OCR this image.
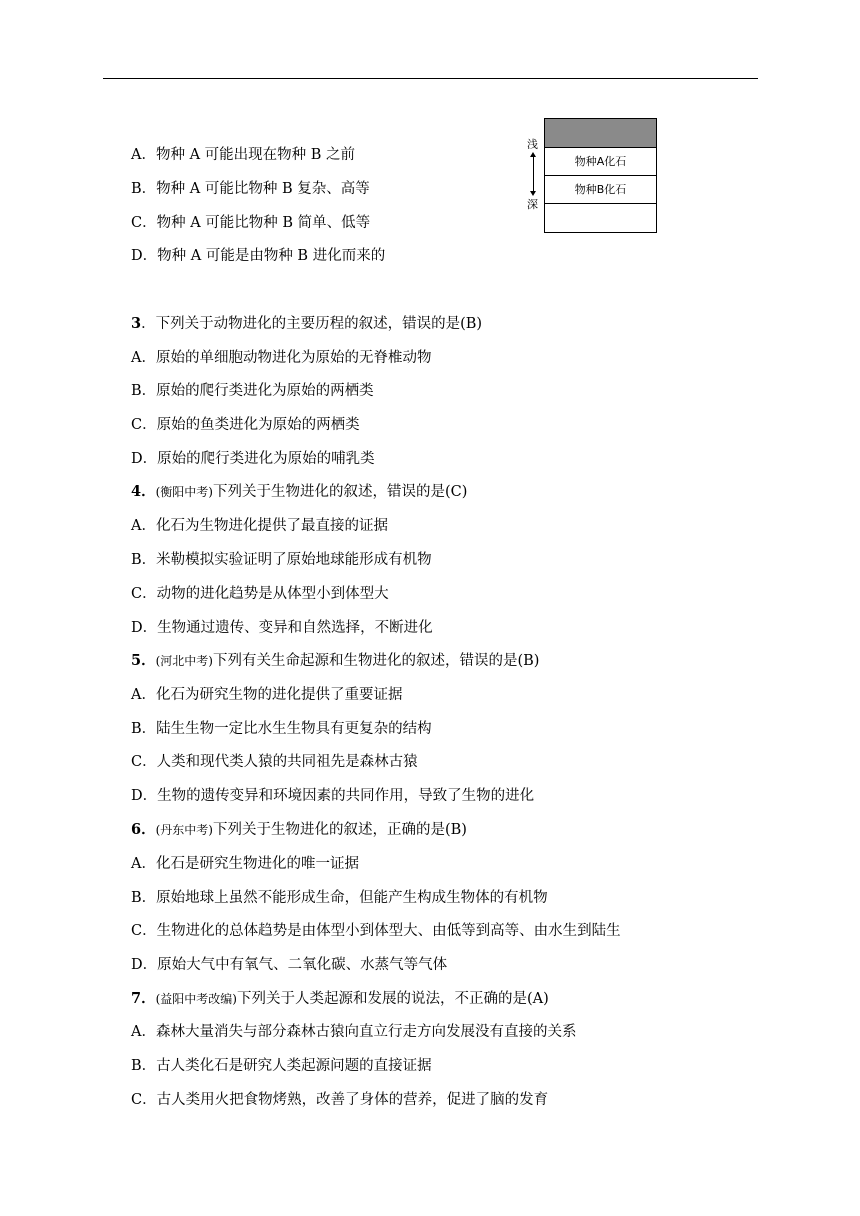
A．物种 A 可能出现在物种 B 之前
B．物种 A 可能比物种 B 复杂、高等
C．物种 A 可能比物种 B 简单、低等
D．物种 A 可能是由物种 B 进化而来的
浅
深
物种A化石
物种B化石
3．下列关于动物进化的主要历程的叙述，错误的是(B)
A．原始的单细胞动物进化为原始的无脊椎动物
B．原始的爬行类进化为原始的两栖类
C．原始的鱼类进化为原始的两栖类
D．原始的爬行类进化为原始的哺乳类
4．(衡阳中考)下列关于生物进化的叙述，错误的是(C)
A．化石为生物进化提供了最直接的证据
B．米勒模拟实验证明了原始地球能形成有机物
C．动物的进化趋势是从体型小到体型大
D．生物通过遗传、变异和自然选择，不断进化
5．(河北中考)下列有关生命起源和生物进化的叙述，错误的是(B)
A．化石为研究生物的进化提供了重要证据
B．陆生生物一定比水生生物具有更复杂的结构
C．人类和现代类人猿的共同祖先是森林古猿
D．生物的遗传变异和环境因素的共同作用，导致了生物的进化
6．(丹东中考)下列关于生物进化的叙述，正确的是(B)
A．化石是研究生物进化的唯一证据
B．原始地球上虽然不能形成生命，但能产生构成生物体的有机物
C．生物进化的总体趋势是由体型小到体型大、由低等到高等、由水生到陆生
D．原始大气中有氧气、二氧化碳、水蒸气等气体
7．(益阳中考改编)下列关于人类起源和发展的说法，不正确的是(A)
A．森林大量消失与部分森林古猿向直立行走方向发展没有直接的关系
B．古人类化石是研究人类起源问题的直接证据
C．古人类用火把食物烤熟，改善了身体的营养，促进了脑的发育
